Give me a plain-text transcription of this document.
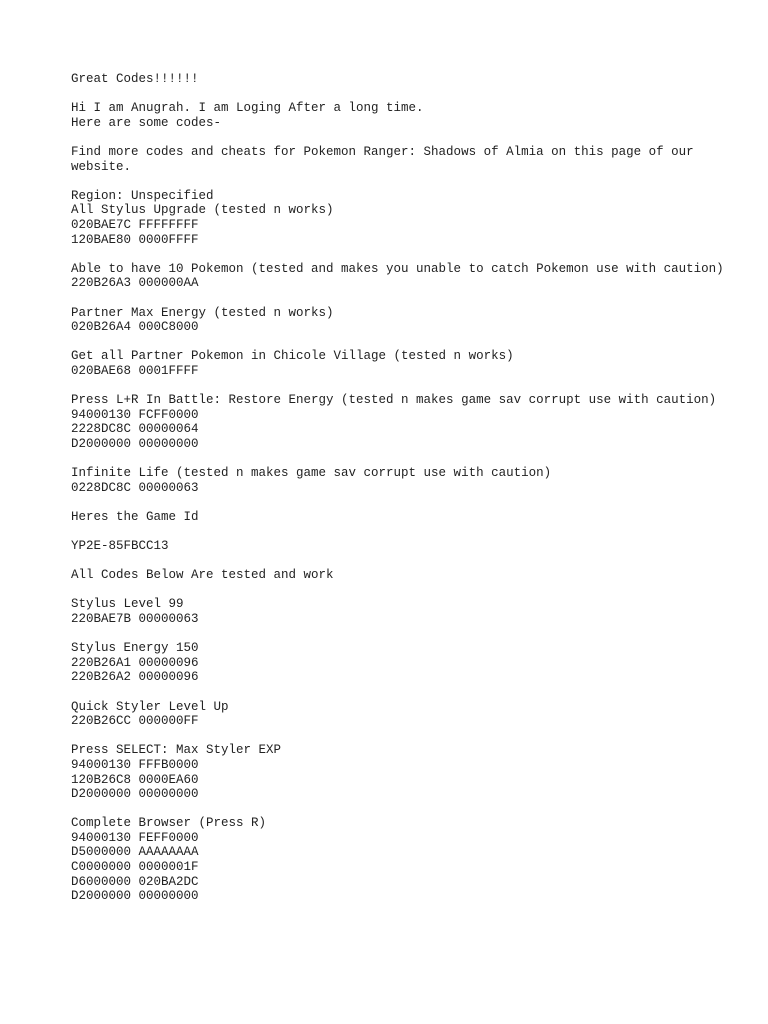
Great Codes!!!!!!
Hi I am Anugrah. I am Loging After a long time.
Here are some codes-
Find more codes and cheats for Pokemon Ranger: Shadows of Almia on this page of our website.
Region: Unspecified
All Stylus Upgrade (tested n works)
020BAE7C FFFFFFFF
120BAE80 0000FFFF
Able to have 10 Pokemon (tested and makes you unable to catch Pokemon use with caution)
220B26A3 000000AA
Partner Max Energy (tested n works)
020B26A4 000C8000
Get all Partner Pokemon in Chicole Village (tested n works)
020BAE68 0001FFFF
Press L+R In Battle: Restore Energy (tested n makes game sav corrupt use with caution)
94000130 FCFF0000
2228DC8C 00000064
D2000000 00000000
Infinite Life (tested n makes game sav corrupt use with caution)
0228DC8C 00000063
Heres the Game Id
YP2E-85FBCC13
All Codes Below Are tested and work
Stylus Level 99
220BAE7B 00000063
Stylus Energy 150
220B26A1 00000096
220B26A2 00000096
Quick Styler Level Up
220B26CC 000000FF
Press SELECT: Max Styler EXP
94000130 FFFB0000
120B26C8 0000EA60
D2000000 00000000
Complete Browser (Press R)
94000130 FEFF0000
D5000000 AAAAAAAA
C0000000 0000001F
D6000000 020BA2DC
D2000000 00000000
